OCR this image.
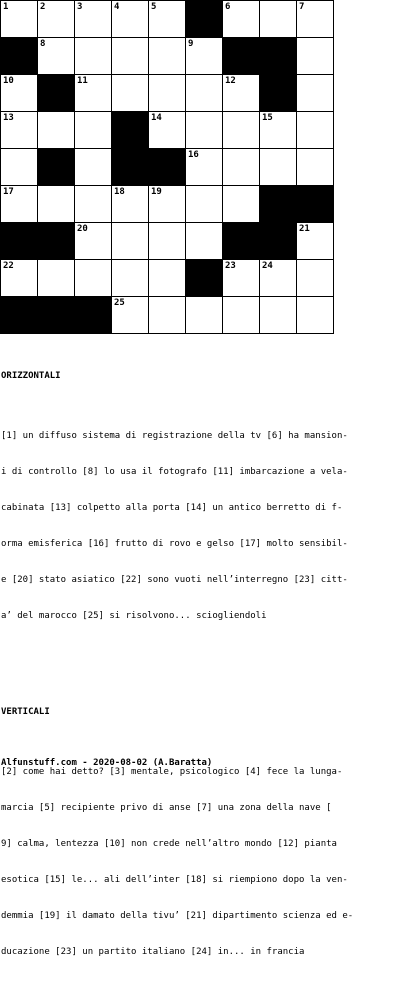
1	2	3	4	5	6	7
8	9
10	11	12
13	14	15
16
17	18	19
20	21
22	23	24
25

ORIZZONTALI

[1] un diffuso sistema di registrazione della tv [6] ha mansion-

i di controllo [8] lo usa il fotografo [11] imbarcazione a vela-

cabinata [13] colpetto alla porta [14] un antico berretto di f-

orma emisferica [16] frutto di rovo e gelso [17] molto sensibil-

e [20] stato asiatico [22] sono vuoti nell’interregno [23] citt-

a’ del marocco [25] si risolvono... sciogliendoli

VERTICALI

[2] come hai detto? [3] mentale, psicologico [4] fece la lunga-

marcia [5] recipiente privo di anse [7] una zona della nave [

9] calma, lentezza [10] non crede nell’altro mondo [12] pianta

esotica [15] le... ali dell’inter [18] si riempiono dopo la ven-

demmia [19] il damato della tivu’ [21] dipartimento scienza ed e-

ducazione [23] un partito italiano [24] in... in francia

Alfunstuff.com - 2020-08-02 (A.Baratta)
